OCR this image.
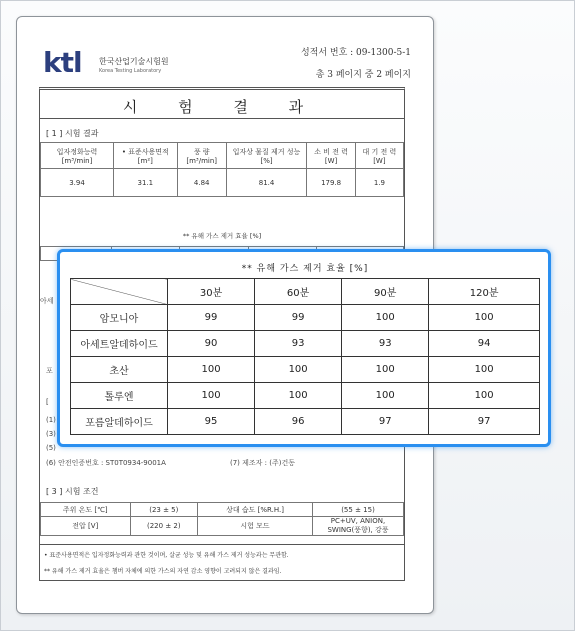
ktl 한국산업기술시험원
Korea Testing Laboratory
성적서 번호 : 09-1300-5-1
총 3 페이지 중 2 페이지
시 험 결 과
[ 1 ] 시험 결과
입자정화능력 [m³/min]	• 표준사용면적 [m²]	풍 량 [m³/min]	입자상 물질 제거 성능 [%]	소 비 전 력 [W]	대 기 전 력 [W]
3.94	31.1	4.84	81.4	179.8	1.9
** 유해 가스 제거 효율 [%]

아세
포
[
(1)
(3)
(5)
(6) 안전인증번호 : ST0T0934-9001A	(7) 제조자 : (주)건동
[ 3 ] 시험 조건
주위 온도 [℃]	(23 ± 5)	상대 습도 [%R.H.]	(55 ± 15)
전압 [V]	(220 ± 2)	시험 모드	PC+UV, ANION, SWING(풍향), 강풍
• 표준사용면적은 입자정화능력과 관한 것이며, 살균 성능 및 유해 가스 제거 성능과는 무관함.
** 유해 가스 제거 효율은 챔버 자체에 의한 가스의 자연 감소 영향이 고려되지 않은 결과임.
** 유해 가스 제거 효율 [%]				
	30분	60분	90분	120분
암모니아	99	99	100	100
아세트알데하이드	90	93	93	94
초산	100	100	100	100
톨루엔	100	100	100	100
포름알데하이드	95	96	97	97
